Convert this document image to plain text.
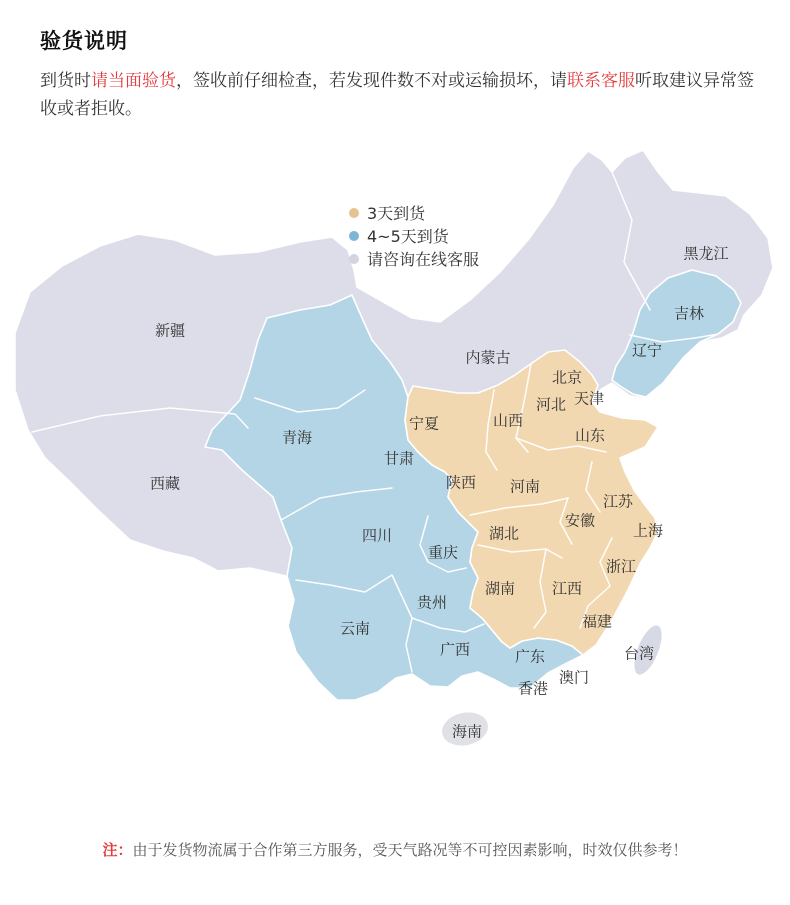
验货说明

到货时请当面验货，签收前仔细检查，若发现件数不对或运输损坏，请联系客服听取建议异常签收或者拒收。

黑龙江
吉林
辽宁
新疆
内蒙古
北京
天津
河北
山西
山东
宁夏
甘肃
青海
陕西 河南
西藏
江苏
安徽
上海
四川	湖北
重庆
浙江
湖南 江西
贵州
福建
云南
广西	广东	台湾
澳门
香港
海南
3天到货
4~5天到货
请咨询在线客服

注：由于发货物流属于合作第三方服务，受天气路况等不可控因素影响，时效仅供参考！
